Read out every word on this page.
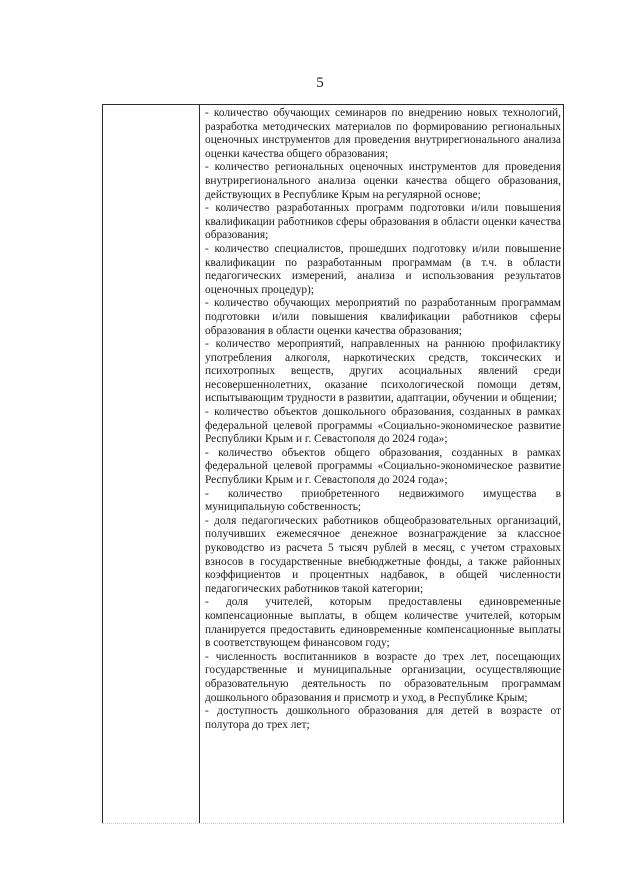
5
- количество обучающих семинаров по внедрению новых технологий, разработка методических материалов по формированию региональных оценочных инструментов для проведения внутрирегионального анализа оценки качества общего образования;
- количество региональных оценочных инструментов для проведения внутрирегионального анализа оценки качества общего образования, действующих в Республике Крым на регулярной основе;
- количество разработанных программ подготовки и/или повышения квалификации работников сферы образования в области оценки качества образования;
- количество специалистов, прошедших подготовку и/или повышение квалификации по разработанным программам (в т.ч. в области педагогических измерений, анализа и использования результатов оценочных процедур);
- количество обучающих мероприятий по разработанным программам подготовки и/или повышения квалификации работников сферы образования в области оценки качества образования;
- количество мероприятий, направленных на раннюю профилактику употребления алкоголя, наркотических средств, токсических и психотропных веществ, других асоциальных явлений среди несовершеннолетних, оказание психологической помощи детям, испытывающим трудности в развитии, адаптации, обучении и общении;
- количество объектов дошкольного образования, созданных в рамках федеральной целевой программы «Социально-экономическое развитие Республики Крым и г. Севастополя до 2024 года»;
- количество объектов общего образования, созданных в рамках федеральной целевой программы «Социально-экономическое развитие Республики Крым и г. Севастополя до 2024 года»;
- количество приобретенного недвижимого имущества в муниципальную собственность;
- доля педагогических работников общеобразовательных организаций, получивших ежемесячное денежное вознаграждение за классное руководство из расчета 5 тысяч рублей в месяц, с учетом страховых взносов в государственные внебюджетные фонды, а также районных коэффициентов и процентных надбавок, в общей численности педагогических работников такой категории;
- доля учителей, которым предоставлены единовременные компенсационные выплаты, в общем количестве учителей, которым планируется предоставить единовременные компенсационные выплаты в соответствующем финансовом году;
- численность воспитанников в возрасте до трех лет, посещающих государственные и муниципальные организации, осуществляющие образовательную деятельность по образовательным программам дошкольного образования и присмотр и уход, в Республике Крым;
- доступность дошкольного образования для детей в возрасте от полутора до трех лет;
